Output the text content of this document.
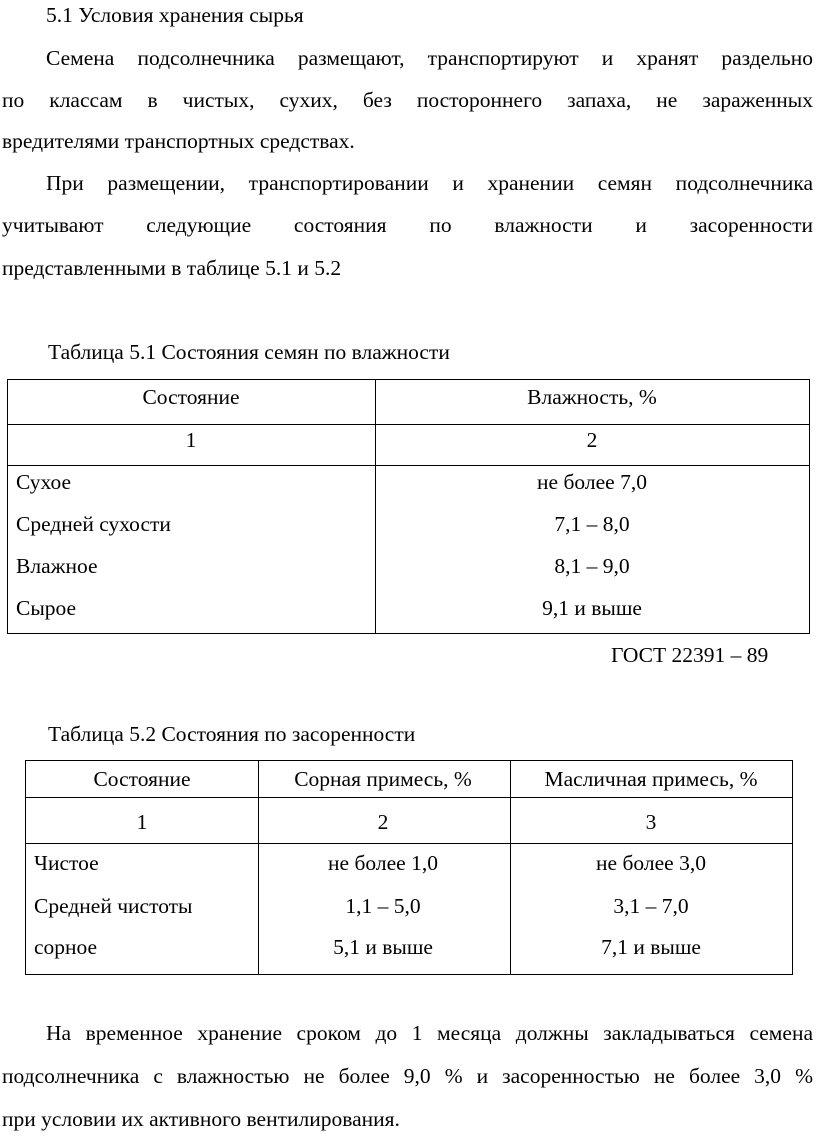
5.1 Условия хранения сырья
Семена подсолнечника размещают, транспортируют и хранят раздельно
по классам в чистых, сухих, без постороннего запаха, не зараженных
вредителями транспортных средствах.
При размещении, транспортировании и хранении семян подсолнечника
учитывают следующие состояния по влажности и засоренности
представленными в таблице 5.1 и 5.2
Таблица 5.1 Состояния семян по влажности
Состояние	Влажность, %
1	2
Сухое	не более 7,0
Средней сухости	7,1 – 8,0
Влажное	8,1 – 9,0
Сырое	9,1 и выше
ГОСТ 22391 – 89
Таблица 5.2 Состояния по засоренности
Состояние	Сорная примесь, %	Масличная примесь, %
1	2	3
Чистое	не более 1,0	не более 3,0
Средней чистоты	1,1 – 5,0	3,1 – 7,0
сорное	5,1 и выше	7,1 и выше
На временное хранение сроком до 1 месяца должны закладываться семена
подсолнечника с влажностью не более 9,0 % и засоренностью не более 3,0 %
при условии их активного вентилирования.
